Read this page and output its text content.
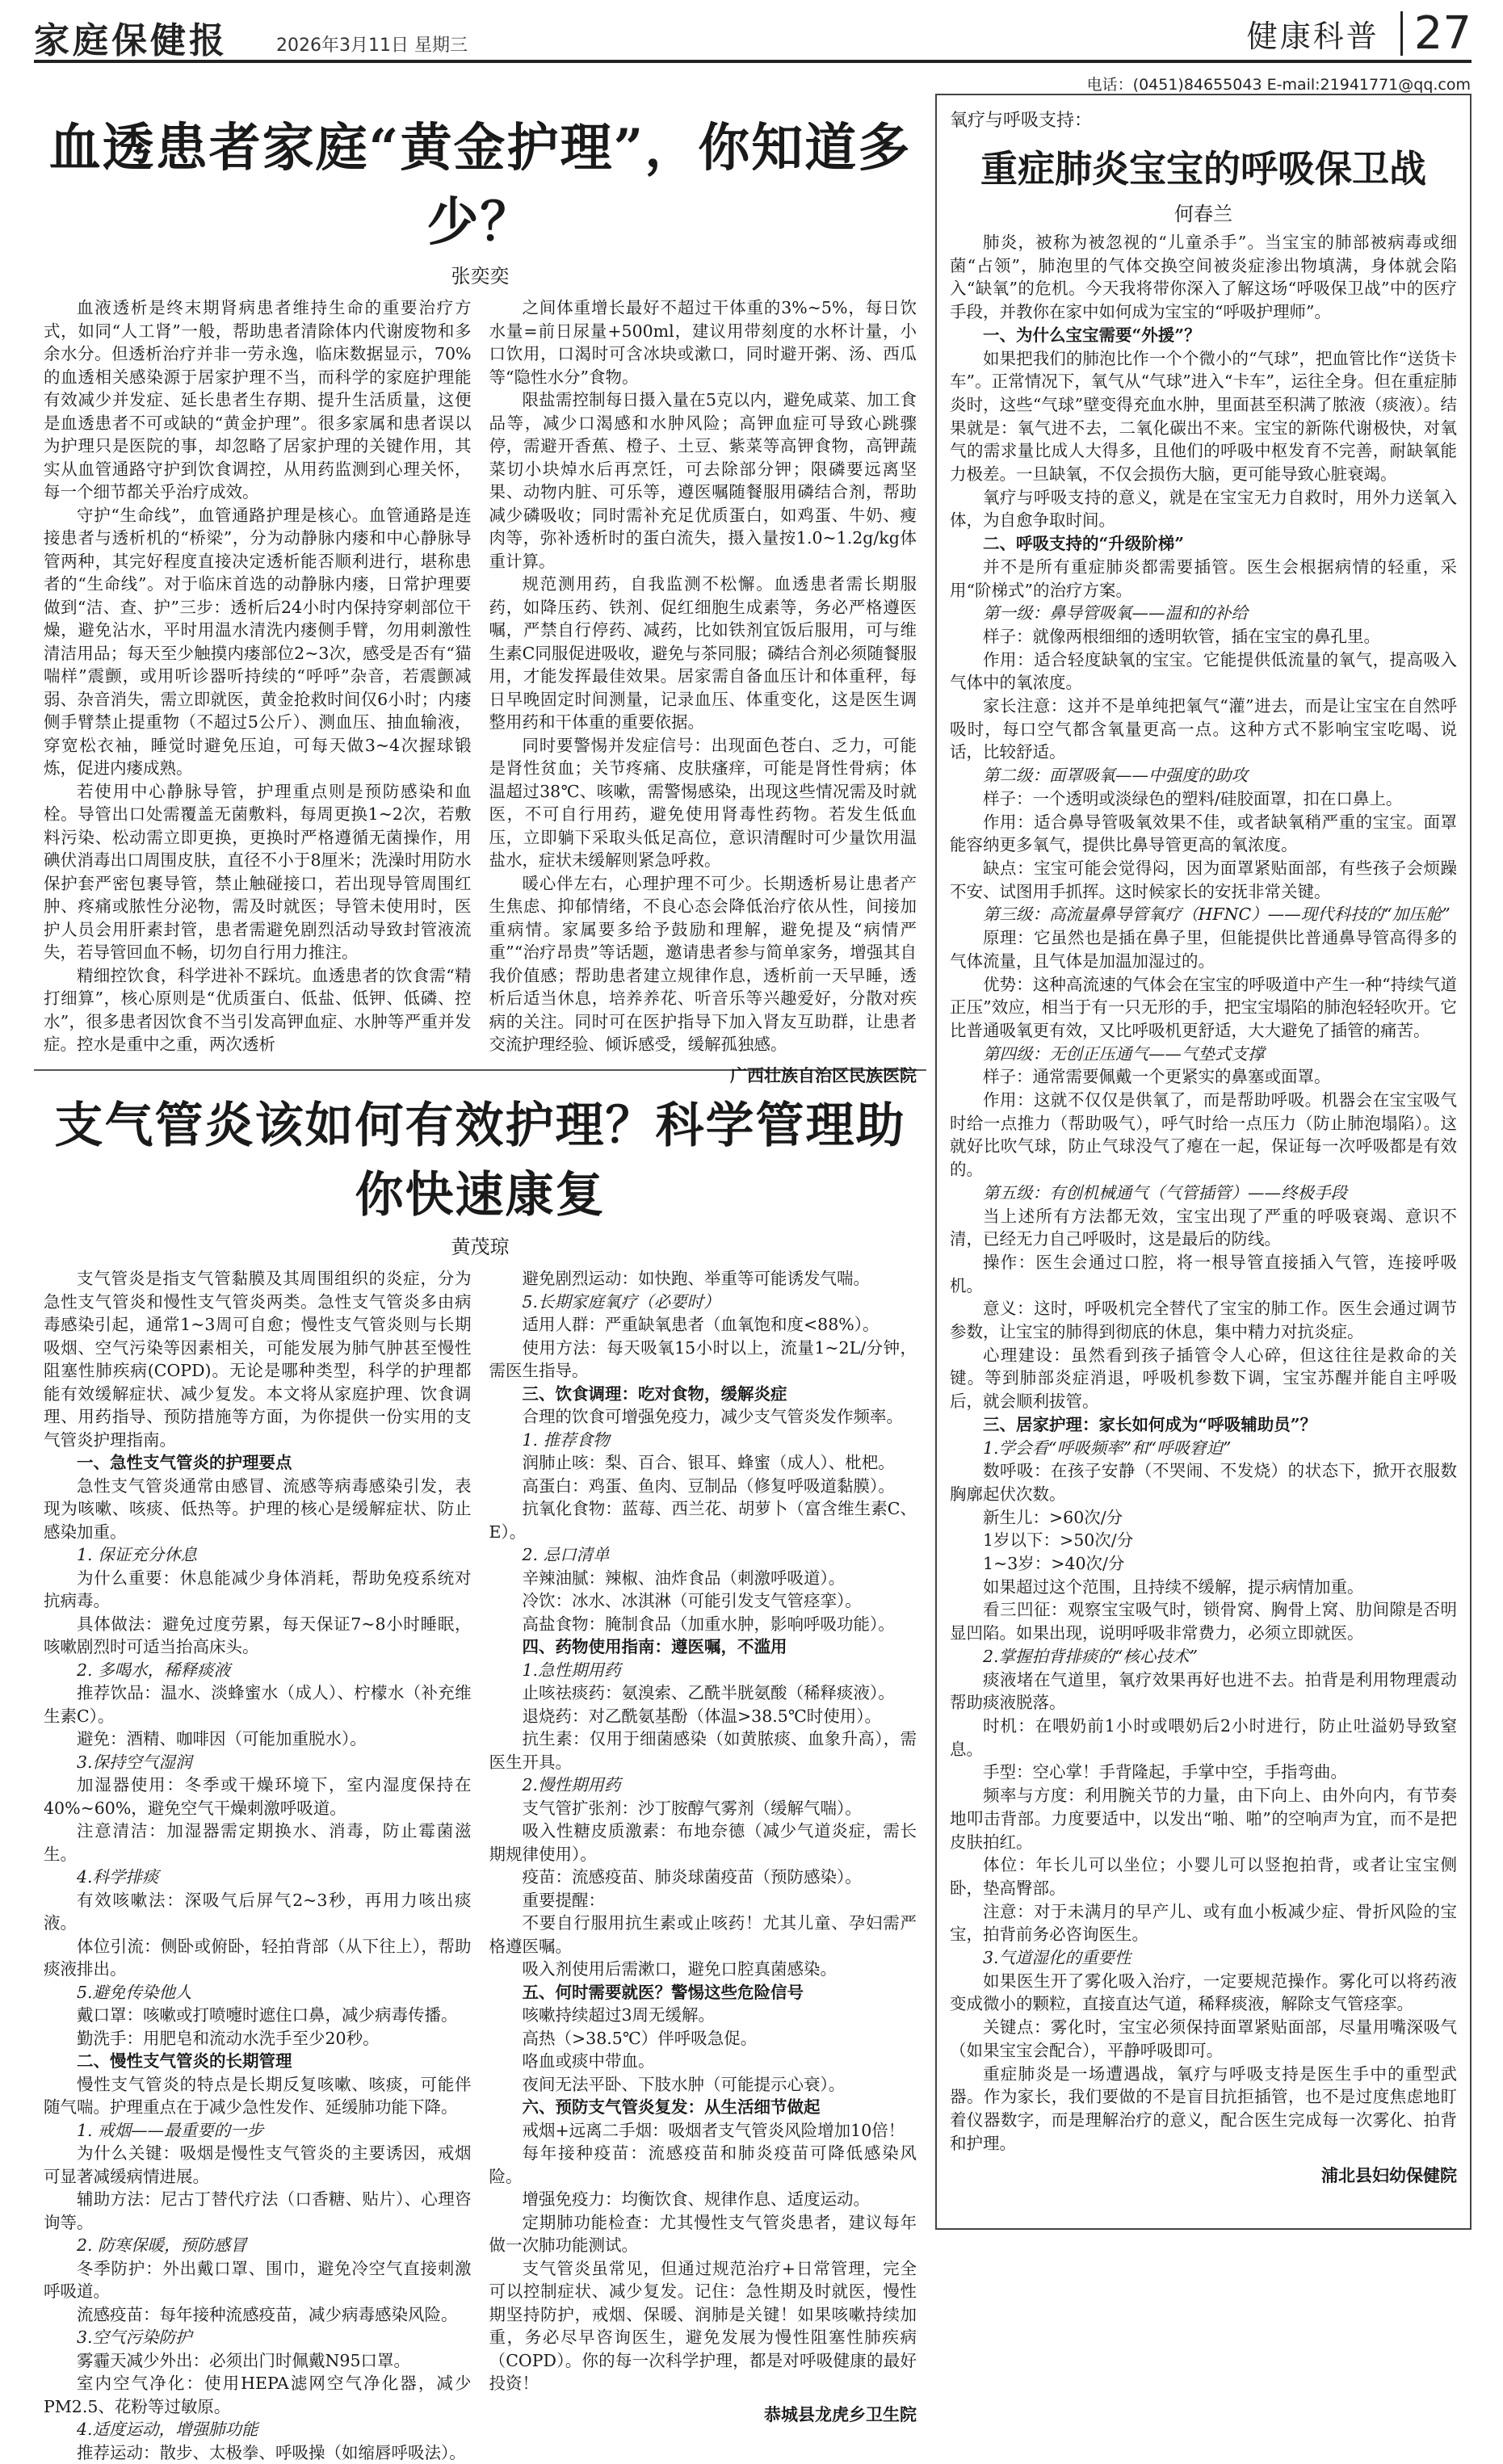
家庭保健报	2026年3月11日 星期三	健康科普 27
电话：(0451)84655043 E-mail:21941771@qq.com
血透患者家庭“黄金护理”，你知道多少？
张奕奕

血液透析是终末期肾病患者维持生命的重要治疗方式，如同“人工肾”一般，帮助患者清除体内代谢废物和多余水分。但透析治疗并非一劳永逸，临床数据显示，70%的血透相关感染源于居家护理不当，而科学的家庭护理能有效减少并发症、延长患者生存期、提升生活质量，这便是血透患者不可或缺的“黄金护理”。很多家属和患者误以为护理只是医院的事，却忽略了居家护理的关键作用，其实从血管通路守护到饮食调控，从用药监测到心理关怀，每一个细节都关乎治疗成效。

守护“生命线”，血管通路护理是核心。血管通路是连接患者与透析机的“桥梁”，分为动静脉内瘘和中心静脉导管两种，其完好程度直接决定透析能否顺利进行，堪称患者的“生命线”。对于临床首选的动静脉内瘘，日常护理要做到“洁、查、护”三步：透析后24小时内保持穿刺部位干燥，避免沾水，平时用温水清洗内瘘侧手臂，勿用刺激性清洁用品；每天至少触摸内瘘部位2~3次，感受是否有“猫喘样”震颤，或用听诊器听持续的“呼呼”杂音，若震颤减弱、杂音消失，需立即就医，黄金抢救时间仅6小时；内瘘侧手臂禁止提重物（不超过5公斤）、测血压、抽血输液，穿宽松衣袖，睡觉时避免压迫，可每天做3~4次握球锻炼，促进内瘘成熟。

若使用中心静脉导管，护理重点则是预防感染和血栓。导管出口处需覆盖无菌敷料，每周更换1~2次，若敷料污染、松动需立即更换，更换时严格遵循无菌操作，用碘伏消毒出口周围皮肤，直径不小于8厘米；洗澡时用防水保护套严密包裹导管，禁止触碰接口，若出现导管周围红肿、疼痛或脓性分泌物，需及时就医；导管未使用时，医护人员会用肝素封管，患者需避免剧烈活动导致封管液流失，若导管回血不畅，切勿自行用力推注。

精细控饮食，科学进补不踩坑。血透患者的饮食需“精打细算”，核心原则是“优质蛋白、低盐、低钾、低磷、控水”，很多患者因饮食不当引发高钾血症、水肿等严重并发症。控水是重中之重，两次透析

之间体重增长最好不超过干体重的3%~5%，每日饮水量=前日尿量+500ml，建议用带刻度的水杯计量，小口饮用，口渴时可含冰块或漱口，同时避开粥、汤、西瓜等“隐性水分”食物。

限盐需控制每日摄入量在5克以内，避免咸菜、加工食品等，减少口渴感和水肿风险；高钾血症可导致心跳骤停，需避开香蕉、橙子、土豆、紫菜等高钾食物，高钾蔬菜切小块焯水后再烹饪，可去除部分钾；限磷要远离坚果、动物内脏、可乐等，遵医嘱随餐服用磷结合剂，帮助减少磷吸收；同时需补充足优质蛋白，如鸡蛋、牛奶、瘦肉等，弥补透析时的蛋白流失，摄入量按1.0~1.2g/kg体重计算。

规范测用药，自我监测不松懈。血透患者需长期服药，如降压药、铁剂、促红细胞生成素等，务必严格遵医嘱，严禁自行停药、减药，比如铁剂宜饭后服用，可与维生素C同服促进吸收，避免与茶同服；磷结合剂必须随餐服用，才能发挥最佳效果。居家需自备血压计和体重秤，每日早晚固定时间测量，记录血压、体重变化，这是医生调整用药和干体重的重要依据。

同时要警惕并发症信号：出现面色苍白、乏力，可能是肾性贫血；关节疼痛、皮肤瘙痒，可能是肾性骨病；体温超过38℃、咳嗽，需警惕感染，出现这些情况需及时就医，不可自行用药，避免使用肾毒性药物。若发生低血压，立即躺下采取头低足高位，意识清醒时可少量饮用温盐水，症状未缓解则紧急呼救。

暖心伴左右，心理护理不可少。长期透析易让患者产生焦虑、抑郁情绪，不良心态会降低治疗依从性，间接加重病情。家属要多给予鼓励和理解，避免提及“病情严重”“治疗昂贵”等话题，邀请患者参与简单家务，增强其自我价值感；帮助患者建立规律作息，透析前一天早睡，透析后适当休息，培养养花、听音乐等兴趣爱好，分散对疾病的关注。同时可在医护指导下加入肾友互助群，让患者交流护理经验、倾诉感受，缓解孤独感。

广西壮族自治区民族医院
支气管炎该如何有效护理？科学管理助你快速康复
黄茂琼

支气管炎是指支气管黏膜及其周围组织的炎症，分为急性支气管炎和慢性支气管炎两类。急性支气管炎多由病毒感染引起，通常1~3周可自愈；慢性支气管炎则与长期吸烟、空气污染等因素相关，可能发展为肺气肿甚至慢性阻塞性肺疾病(COPD)。无论是哪种类型，科学的护理都能有效缓解症状、减少复发。本文将从家庭护理、饮食调理、用药指导、预防措施等方面，为你提供一份实用的支气管炎护理指南。

一、急性支气管炎的护理要点

急性支气管炎通常由感冒、流感等病毒感染引发，表现为咳嗽、咳痰、低热等。护理的核心是缓解症状、防止感染加重。

1. 保证充分休息

为什么重要：休息能减少身体消耗，帮助免疫系统对抗病毒。

具体做法：避免过度劳累，每天保证7~8小时睡眠，咳嗽剧烈时可适当抬高床头。

2. 多喝水，稀释痰液

推荐饮品：温水、淡蜂蜜水（成人）、柠檬水（补充维生素C）。

避免：酒精、咖啡因（可能加重脱水）。

3.保持空气湿润

加湿器使用：冬季或干燥环境下，室内湿度保持在40%~60%，避免空气干燥刺激呼吸道。

注意清洁：加湿器需定期换水、消毒，防止霉菌滋生。

4.科学排痰

有效咳嗽法：深吸气后屏气2~3秒，再用力咳出痰液。

体位引流：侧卧或俯卧，轻拍背部（从下往上），帮助痰液排出。

5.避免传染他人

戴口罩：咳嗽或打喷嚏时遮住口鼻，减少病毒传播。

勤洗手：用肥皂和流动水洗手至少20秒。

二、慢性支气管炎的长期管理

慢性支气管炎的特点是长期反复咳嗽、咳痰，可能伴随气喘。护理重点在于减少急性发作、延缓肺功能下降。

1. 戒烟——最重要的一步

为什么关键：吸烟是慢性支气管炎的主要诱因，戒烟可显著减缓病情进展。

辅助方法：尼古丁替代疗法（口香糖、贴片）、心理咨询等。

2. 防寒保暖，预防感冒

冬季防护：外出戴口罩、围巾，避免冷空气直接刺激呼吸道。

流感疫苗：每年接种流感疫苗，减少病毒感染风险。

3.空气污染防护

雾霾天减少外出：必须出门时佩戴N95口罩。

室内空气净化：使用HEPA滤网空气净化器，减少PM2.5、花粉等过敏原。

4.适度运动，增强肺功能

推荐运动：散步、太极拳、呼吸操（如缩唇呼吸法）。

避免剧烈运动：如快跑、举重等可能诱发气喘。

5.长期家庭氧疗（必要时）

适用人群：严重缺氧患者（血氧饱和度<88%）。

使用方法：每天吸氧15小时以上，流量1~2L/分钟，需医生指导。

三、饮食调理：吃对食物，缓解炎症

合理的饮食可增强免疫力，减少支气管炎发作频率。

1. 推荐食物

润肺止咳：梨、百合、银耳、蜂蜜（成人）、枇杷。

高蛋白：鸡蛋、鱼肉、豆制品（修复呼吸道黏膜）。

抗氧化食物：蓝莓、西兰花、胡萝卜（富含维生素C、E）。

2. 忌口清单

辛辣油腻：辣椒、油炸食品（刺激呼吸道）。

冷饮：冰水、冰淇淋（可能引发支气管痉挛）。

高盐食物：腌制食品（加重水肿，影响呼吸功能）。

四、药物使用指南：遵医嘱，不滥用

1.急性期用药

止咳祛痰药：氨溴索、乙酰半胱氨酸（稀释痰液）。

退烧药：对乙酰氨基酚（体温>38.5℃时使用）。

抗生素：仅用于细菌感染（如黄脓痰、血象升高），需医生开具。

2.慢性期用药

支气管扩张剂：沙丁胺醇气雾剂（缓解气喘）。

吸入性糖皮质激素：布地奈德（减少气道炎症，需长期规律使用）。

疫苗：流感疫苗、肺炎球菌疫苗（预防感染）。

重要提醒：

不要自行服用抗生素或止咳药！尤其儿童、孕妇需严格遵医嘱。

吸入剂使用后需漱口，避免口腔真菌感染。

五、何时需要就医？警惕这些危险信号

咳嗽持续超过3周无缓解。

高热（>38.5℃）伴呼吸急促。

咯血或痰中带血。

夜间无法平卧、下肢水肿（可能提示心衰）。

六、预防支气管炎复发：从生活细节做起

戒烟+远离二手烟：吸烟者支气管炎风险增加10倍！

每年接种疫苗：流感疫苗和肺炎疫苗可降低感染风险。

增强免疫力：均衡饮食、规律作息、适度运动。

定期肺功能检查：尤其慢性支气管炎患者，建议每年做一次肺功能测试。

支气管炎虽常见，但通过规范治疗+日常管理，完全可以控制症状、减少复发。记住：急性期及时就医，慢性期坚持防护，戒烟、保暖、润肺是关键！如果咳嗽持续加重，务必尽早咨询医生，避免发展为慢性阻塞性肺疾病（COPD）。你的每一次科学护理，都是对呼吸健康的最好投资！

恭城县龙虎乡卫生院
氧疗与呼吸支持：
重症肺炎宝宝的呼吸保卫战
何春兰

肺炎，被称为被忽视的“儿童杀手”。当宝宝的肺部被病毒或细菌“占领”，肺泡里的气体交换空间被炎症渗出物填满，身体就会陷入“缺氧”的危机。今天我将带你深入了解这场“呼吸保卫战”中的医疗手段，并教你在家中如何成为宝宝的“呼吸护理师”。

一、为什么宝宝需要“外援”？

如果把我们的肺泡比作一个个微小的“气球”，把血管比作“送货卡车”。正常情况下，氧气从“气球”进入“卡车”，运往全身。但在重症肺炎时，这些“气球”壁变得充血水肿，里面甚至积满了脓液（痰液）。结果就是：氧气进不去，二氧化碳出不来。宝宝的新陈代谢极快，对氧气的需求量比成人大得多，且他们的呼吸中枢发育不完善，耐缺氧能力极差。一旦缺氧，不仅会损伤大脑，更可能导致心脏衰竭。

氧疗与呼吸支持的意义，就是在宝宝无力自救时，用外力送氧入体，为自愈争取时间。

二、呼吸支持的“升级阶梯”

并不是所有重症肺炎都需要插管。医生会根据病情的轻重，采用“阶梯式”的治疗方案。

第一级：鼻导管吸氧——温和的补给

样子：就像两根细细的透明软管，插在宝宝的鼻孔里。

作用：适合轻度缺氧的宝宝。它能提供低流量的氧气，提高吸入气体中的氧浓度。

家长注意：这并不是单纯把氧气“灌”进去，而是让宝宝在自然呼吸时，每口空气都含氧量更高一点。这种方式不影响宝宝吃喝、说话，比较舒适。

第二级：面罩吸氧——中强度的助攻

样子：一个透明或淡绿色的塑料/硅胶面罩，扣在口鼻上。

作用：适合鼻导管吸氧效果不佳，或者缺氧稍严重的宝宝。面罩能容纳更多氧气，提供比鼻导管更高的氧浓度。

缺点：宝宝可能会觉得闷，因为面罩紧贴面部，有些孩子会烦躁不安、试图用手抓挥。这时候家长的安抚非常关键。

第三级：高流量鼻导管氧疗（HFNC）——现代科技的“加压舱”

原理：它虽然也是插在鼻子里，但能提供比普通鼻导管高得多的气体流量，且气体是加温加湿过的。

优势：这种高流速的气体会在宝宝的呼吸道中产生一种“持续气道正压”效应，相当于有一只无形的手，把宝宝塌陷的肺泡轻轻吹开。它比普通吸氧更有效，又比呼吸机更舒适，大大避免了插管的痛苦。

第四级：无创正压通气——气垫式支撑

样子：通常需要佩戴一个更紧实的鼻塞或面罩。

作用：这就不仅仅是供氧了，而是帮助呼吸。机器会在宝宝吸气时给一点推力（帮助吸气），呼气时给一点压力（防止肺泡塌陷）。这就好比吹气球，防止气球没气了瘪在一起，保证每一次呼吸都是有效的。

第五级：有创机械通气（气管插管）——终极手段

当上述所有方法都无效，宝宝出现了严重的呼吸衰竭、意识不清，已经无力自己呼吸时，这是最后的防线。

操作：医生会通过口腔，将一根导管直接插入气管，连接呼吸机。

意义：这时，呼吸机完全替代了宝宝的肺工作。医生会通过调节参数，让宝宝的肺得到彻底的休息，集中精力对抗炎症。

心理建设：虽然看到孩子插管令人心碎，但这往往是救命的关键。等到肺部炎症消退，呼吸机参数下调，宝宝苏醒并能自主呼吸后，就会顺利拔管。

三、居家护理：家长如何成为“呼吸辅助员”？

1.学会看“呼吸频率”和“呼吸窘迫”

数呼吸：在孩子安静（不哭闹、不发烧）的状态下，掀开衣服数胸廓起伏次数。

新生儿：>60次/分

1岁以下：>50次/分

1~3岁：>40次/分

如果超过这个范围，且持续不缓解，提示病情加重。

看三凹征：观察宝宝吸气时，锁骨窝、胸骨上窝、肋间隙是否明显凹陷。如果出现，说明呼吸非常费力，必须立即就医。

2.掌握拍背排痰的“核心技术”

痰液堵在气道里，氧疗效果再好也进不去。拍背是利用物理震动帮助痰液脱落。

时机：在喂奶前1小时或喂奶后2小时进行，防止吐溢奶导致窒息。

手型：空心掌！手背隆起，手掌中空，手指弯曲。

频率与方度：利用腕关节的力量，由下向上、由外向内，有节奏地叩击背部。力度要适中，以发出“啪、啪”的空响声为宜，而不是把皮肤拍红。

体位：年长儿可以坐位；小婴儿可以竖抱拍背，或者让宝宝侧卧，垫高臀部。

注意：对于未满月的早产儿、或有血小板减少症、骨折风险的宝宝，拍背前务必咨询医生。

3.气道湿化的重要性

如果医生开了雾化吸入治疗，一定要规范操作。雾化可以将药液变成微小的颗粒，直接直达气道，稀释痰液，解除支气管痉挛。

关键点：雾化时，宝宝必须保持面罩紧贴面部，尽量用嘴深吸气（如果宝宝会配合），平静呼吸即可。

重症肺炎是一场遭遇战，氧疗与呼吸支持是医生手中的重型武器。作为家长，我们要做的不是盲目抗拒插管，也不是过度焦虑地盯着仪器数字，而是理解治疗的意义，配合医生完成每一次雾化、拍背和护理。

浦北县妇幼保健院
